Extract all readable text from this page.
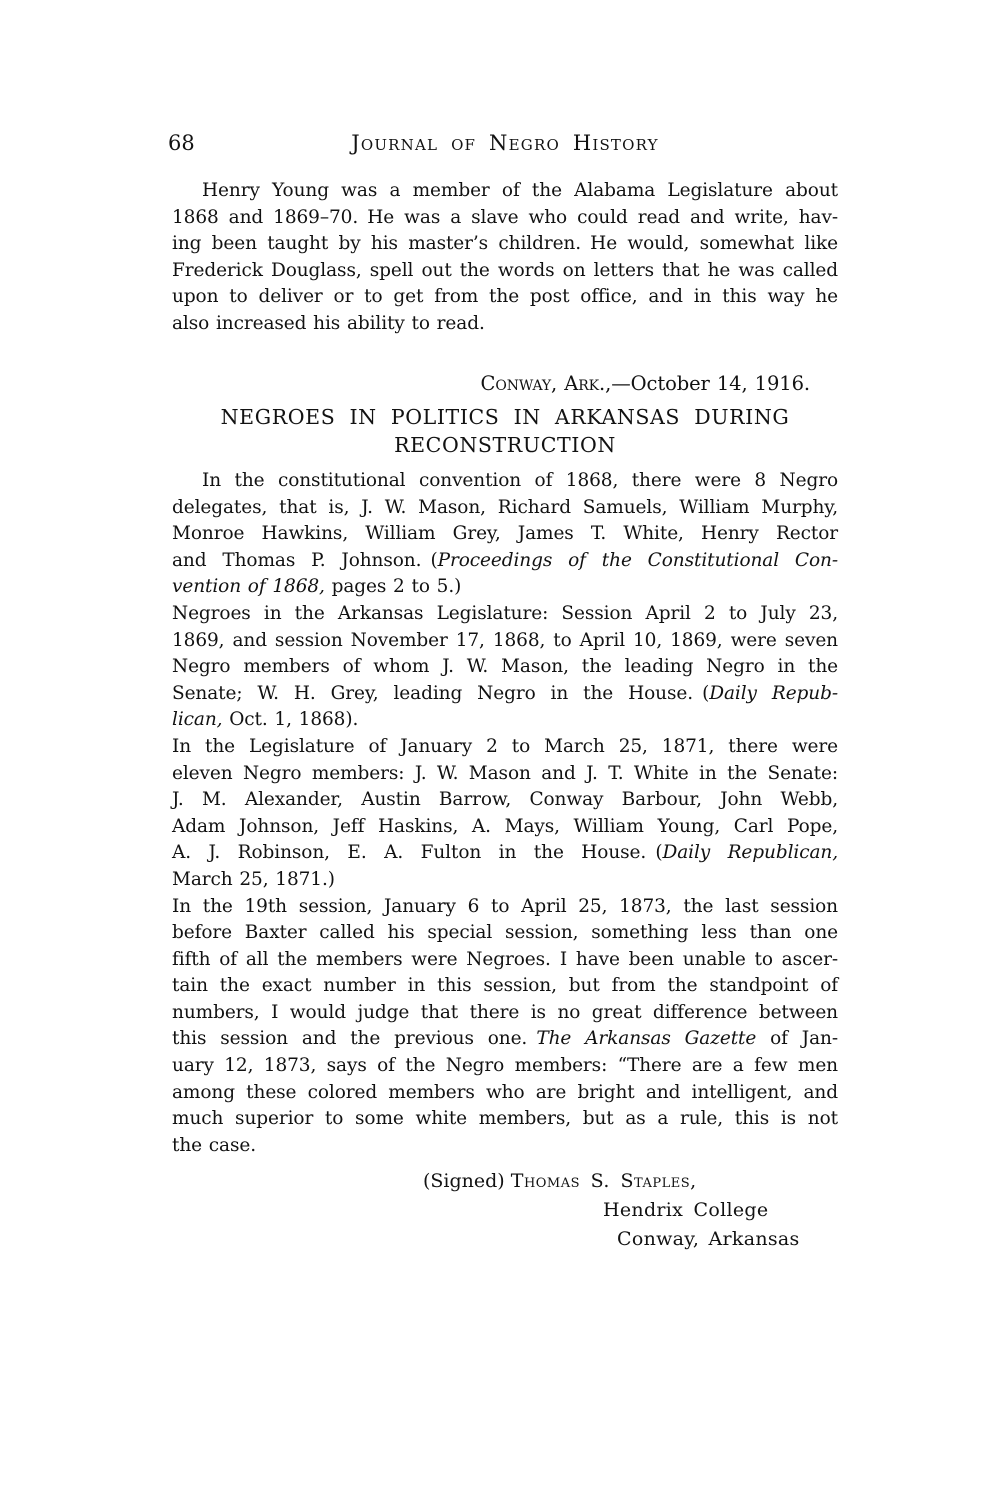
68	Journal of Negro History
Henry Young was a member of the Alabama Legislature about
1868 and 1869–70. He was a slave who could read and write, hav-
ing been taught by his master’s children. He would, somewhat like
Frederick Douglass, spell out the words on letters that he was called
upon to deliver or to get from the post office, and in this way he
also increased his ability to read.
Conway, Ark.,—October 14, 1916.
NEGROES IN POLITICS IN ARKANSAS DURING
RECONSTRUCTION
In the constitutional convention of 1868, there were 8 Negro
delegates, that is, J. W. Mason, Richard Samuels, William Murphy,
Monroe Hawkins, William Grey, James T. White, Henry Rector
and Thomas P. Johnson. (Proceedings of the Constitutional Con-
vention of 1868, pages 2 to 5.)
Negroes in the Arkansas Legislature: Session April 2 to July 23,
1869, and session November 17, 1868, to April 10, 1869, were seven
Negro members of whom J. W. Mason, the leading Negro in the
Senate; W. H. Grey, leading Negro in the House. (Daily Repub-
lican, Oct. 1, 1868).
In the Legislature of January 2 to March 25, 1871, there were
eleven Negro members: J. W. Mason and J. T. White in the Senate:
J. M. Alexander, Austin Barrow, Conway Barbour, John Webb,
Adam Johnson, Jeff Haskins, A. Mays, William Young, Carl Pope,
A. J. Robinson, E. A. Fulton in the House. (Daily Republican,
March 25, 1871.)
In the 19th session, January 6 to April 25, 1873, the last session
before Baxter called his special session, something less than one
fifth of all the members were Negroes. I have been unable to ascer-
tain the exact number in this session, but from the standpoint of
numbers, I would judge that there is no great difference between
this session and the previous one. The Arkansas Gazette of Jan-
uary 12, 1873, says of the Negro members: “There are a few men
among these colored members who are bright and intelligent, and
much superior to some white members, but as a rule, this is not
the case.
(Signed) Thomas S. Staples,
Hendrix College
Conway, Arkansas
